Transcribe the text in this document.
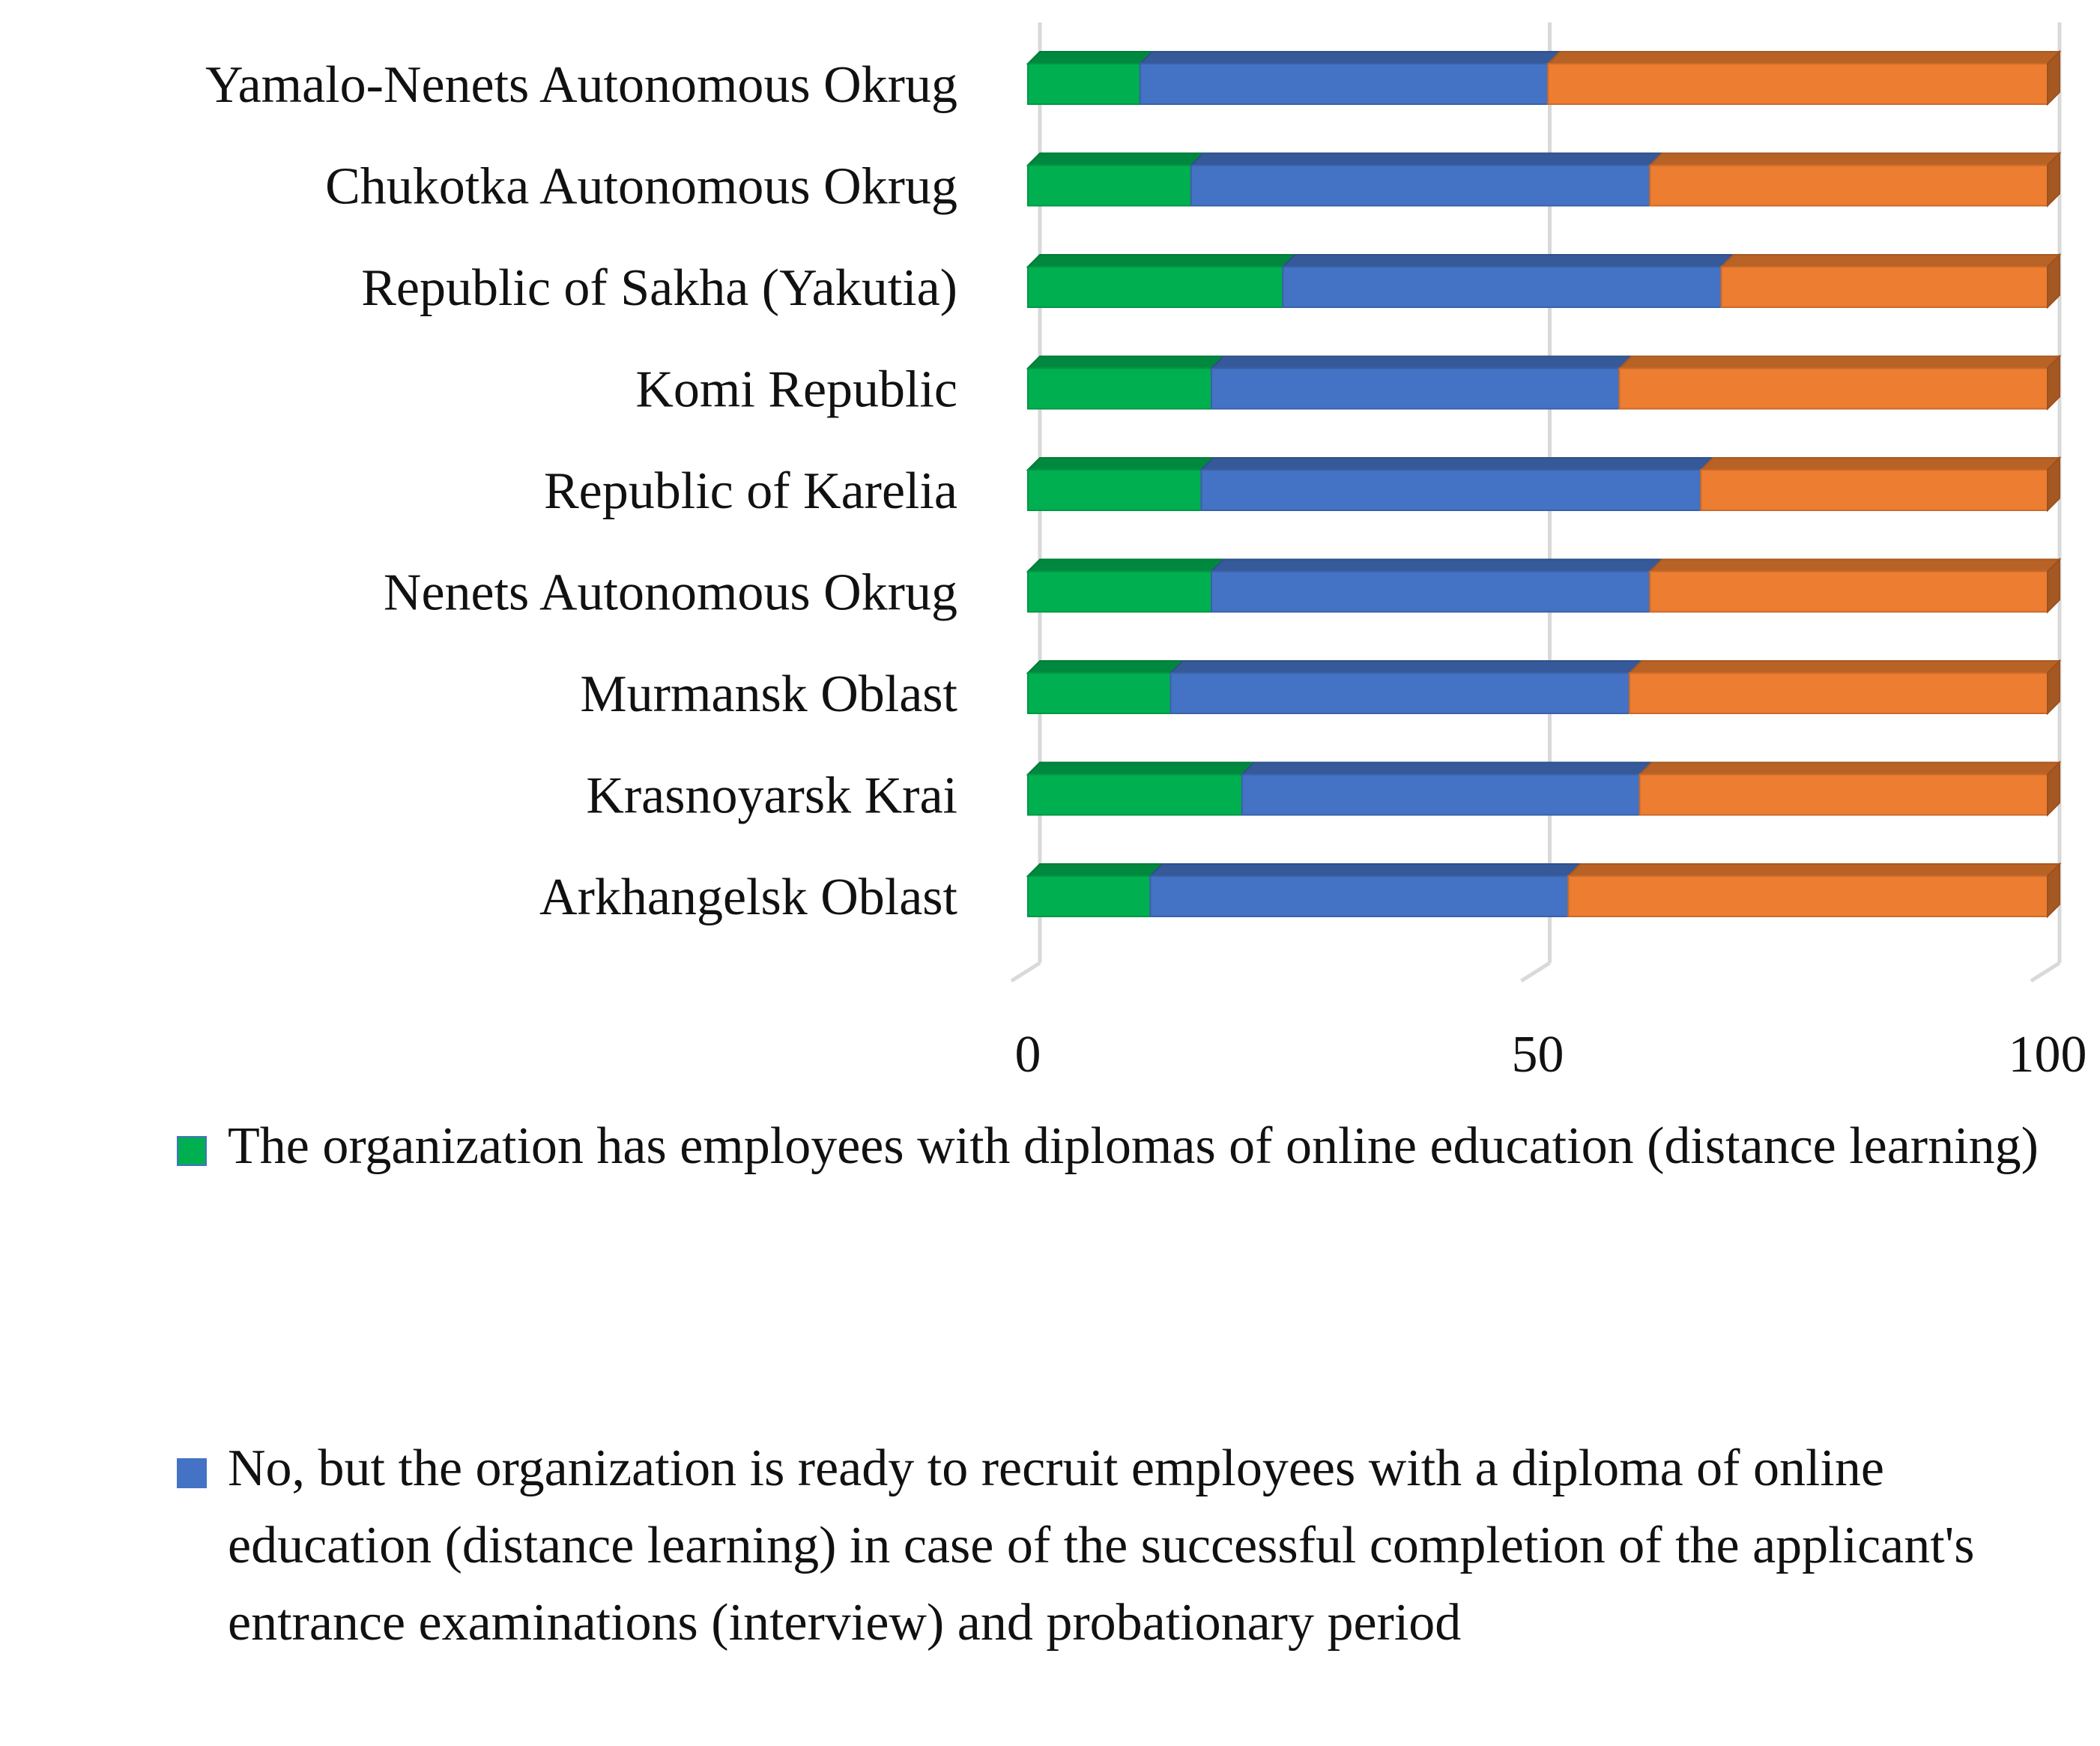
Yamalo-Nenets Autonomous Okrug
Chukotka Autonomous Okrug
Republic of Sakha (Yakutia)
Komi Republic
Republic of Karelia
Nenets Autonomous Okrug
Murmansk Oblast
Krasnoyarsk Krai
Arkhangelsk Oblast
0	50	100
The organization has employees with diplomas of online education (distance learning)
No, but the organization is ready to recruit employees with a diploma of online education (distance learning) in case of the successful completion of the applicant's entrance examinations (interview) and probationary period
